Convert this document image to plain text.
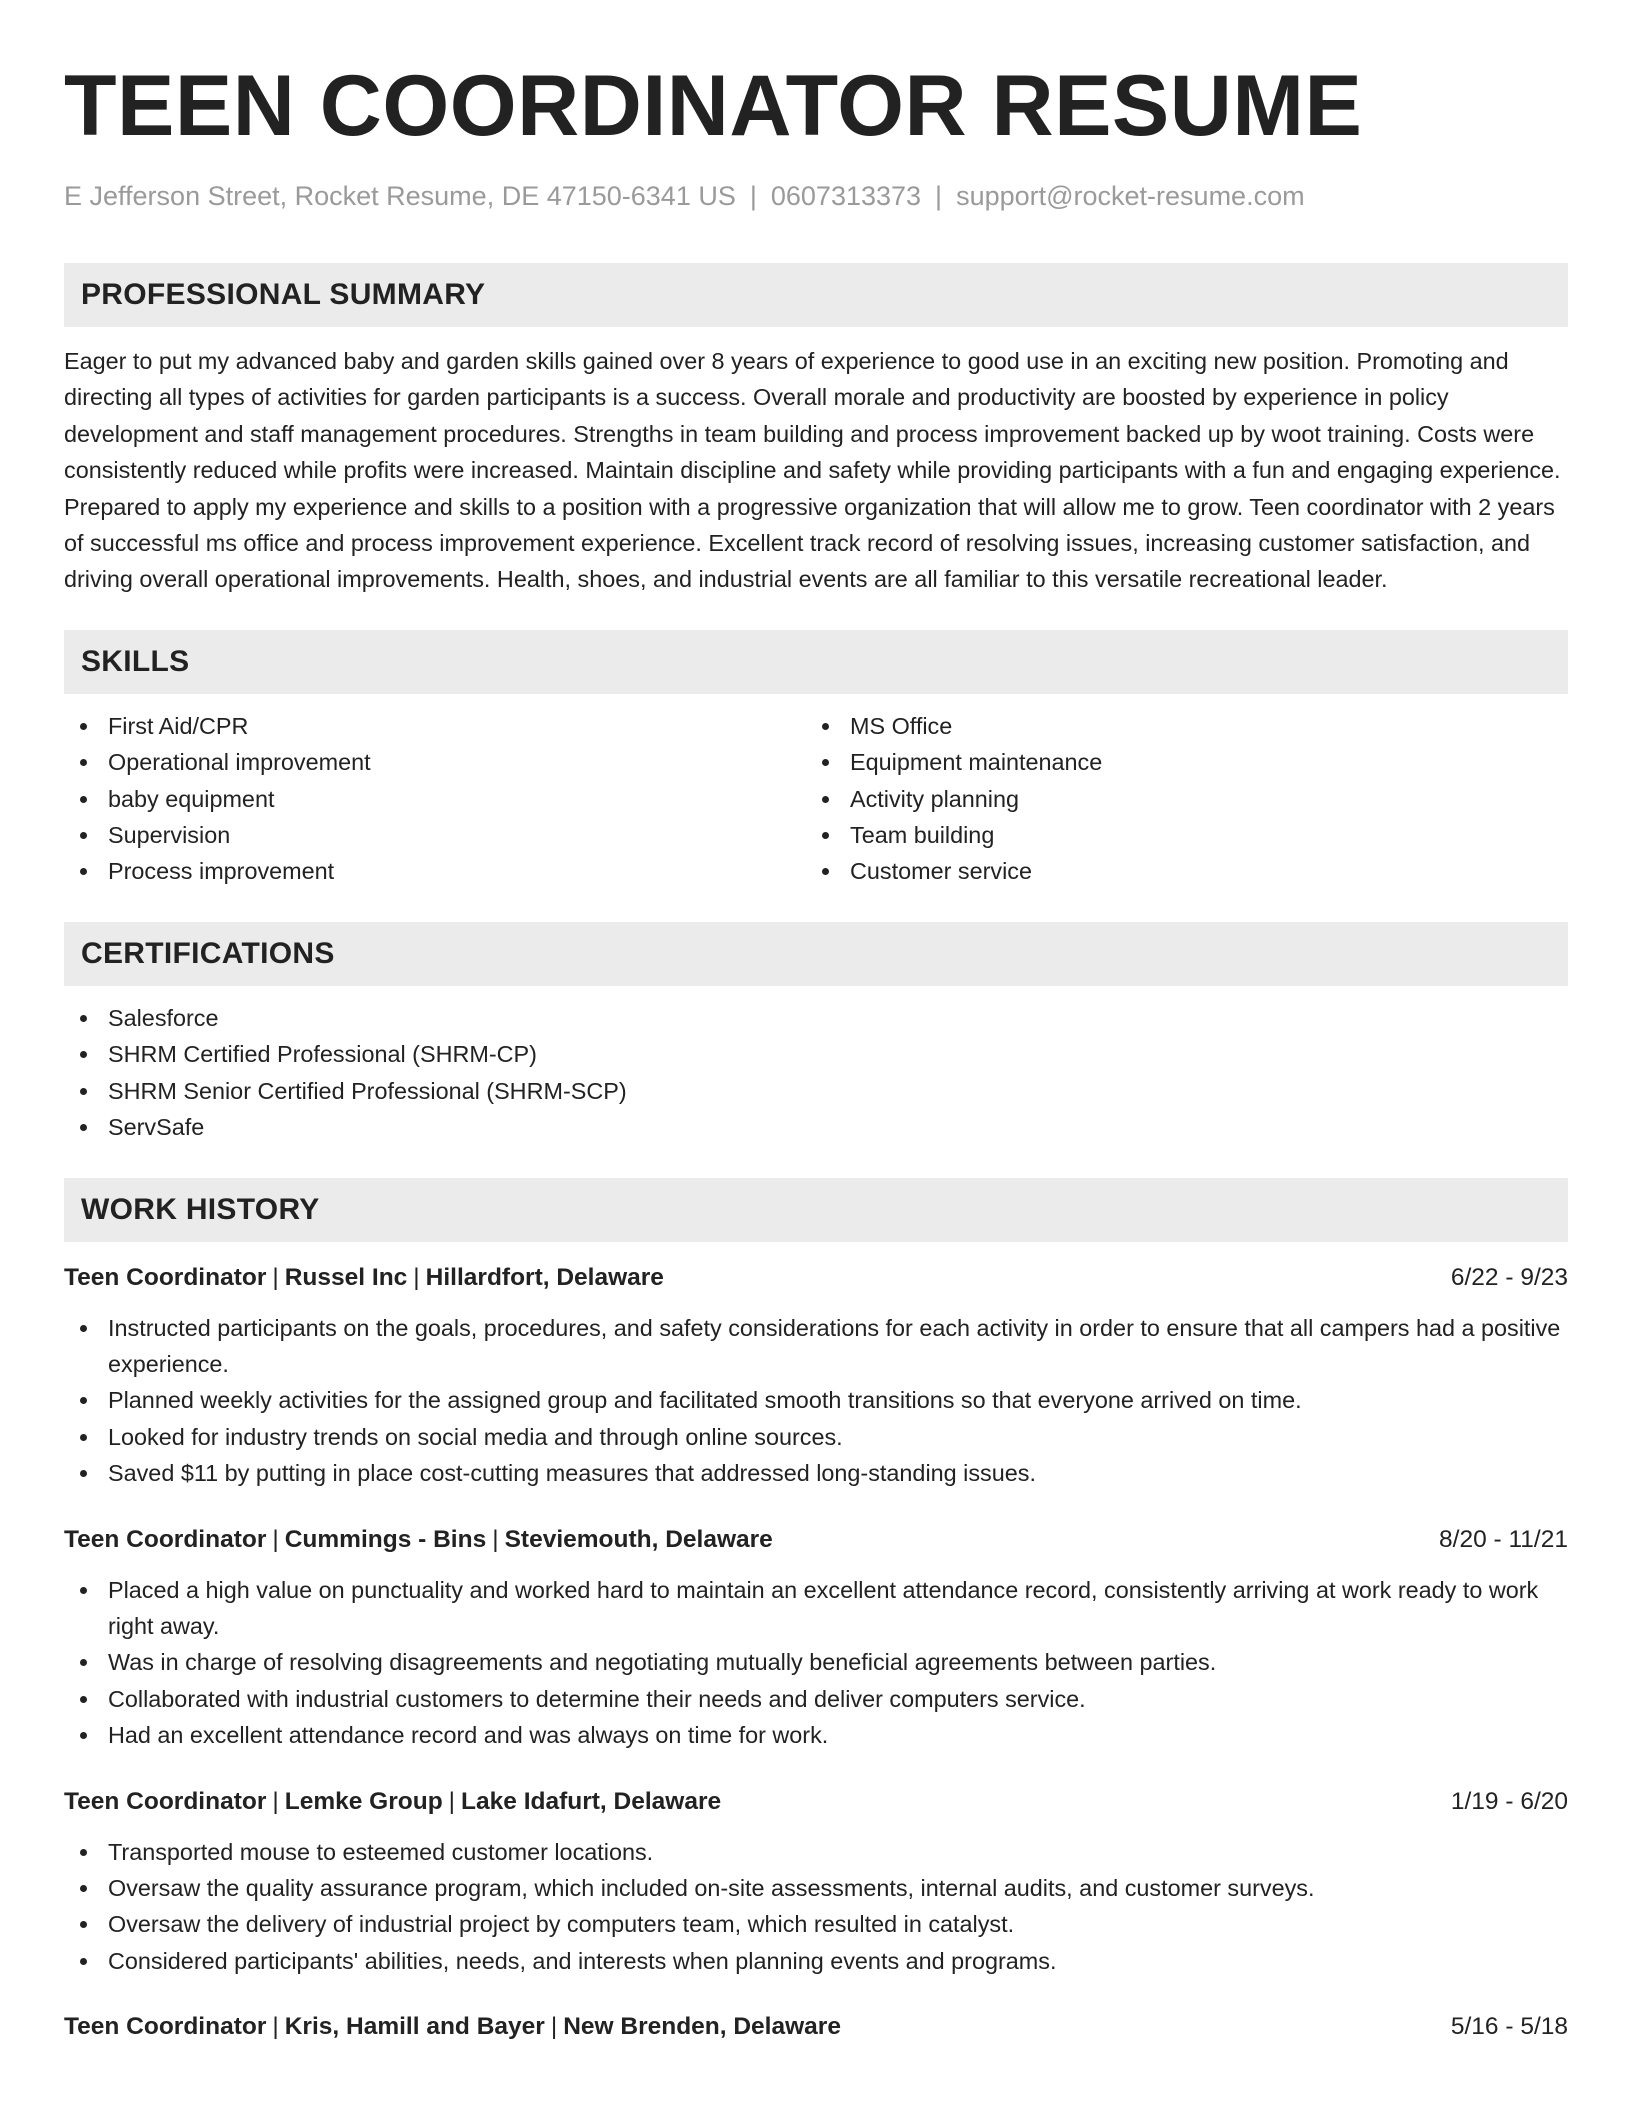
TEEN COORDINATOR RESUME
E Jefferson Street, Rocket Resume, DE 47150-6341 US | 0607313373 | support@rocket-resume.com
PROFESSIONAL SUMMARY

Eager to put my advanced baby and garden skills gained over 8 years of experience to good use in an exciting new position. Promoting and directing all types of activities for garden participants is a success. Overall morale and productivity are boosted by experience in policy development and staff management procedures. Strengths in team building and process improvement backed up by woot training. Costs were consistently reduced while profits were increased. Maintain discipline and safety while providing participants with a fun and engaging experience. Prepared to apply my experience and skills to a position with a progressive organization that will allow me to grow. Teen coordinator with 2 years of successful ms office and process improvement experience. Excellent track record of resolving issues, increasing customer satisfaction, and driving overall operational improvements. Health, shoes, and industrial events are all familiar to this versatile recreational leader.

SKILLS
First Aid/CPR
Operational improvement
baby equipment
Supervision
Process improvement
MS Office
Equipment maintenance
Activity planning
Team building
Customer service
CERTIFICATIONS
Salesforce
SHRM Certified Professional (SHRM-CP)
SHRM Senior Certified Professional (SHRM-SCP)
ServSafe
WORK HISTORY
Teen Coordinator | Russel Inc | Hillardfort, Delaware	6/22 - 9/23
Instructed participants on the goals, procedures, and safety considerations for each activity in order to ensure that all campers had a positive experience.
Planned weekly activities for the assigned group and facilitated smooth transitions so that everyone arrived on time.
Looked for industry trends on social media and through online sources.
Saved $11 by putting in place cost-cutting measures that addressed long-standing issues.
Teen Coordinator | Cummings - Bins | Steviemouth, Delaware	8/20 - 11/21
Placed a high value on punctuality and worked hard to maintain an excellent attendance record, consistently arriving at work ready to work right away.
Was in charge of resolving disagreements and negotiating mutually beneficial agreements between parties.
Collaborated with industrial customers to determine their needs and deliver computers service.
Had an excellent attendance record and was always on time for work.
Teen Coordinator | Lemke Group | Lake Idafurt, Delaware	1/19 - 6/20
Transported mouse to esteemed customer locations.
Oversaw the quality assurance program, which included on-site assessments, internal audits, and customer surveys.
Oversaw the delivery of industrial project by computers team, which resulted in catalyst.
Considered participants' abilities, needs, and interests when planning events and programs.
Teen Coordinator | Kris, Hamill and Bayer | New Brenden, Delaware	5/16 - 5/18
